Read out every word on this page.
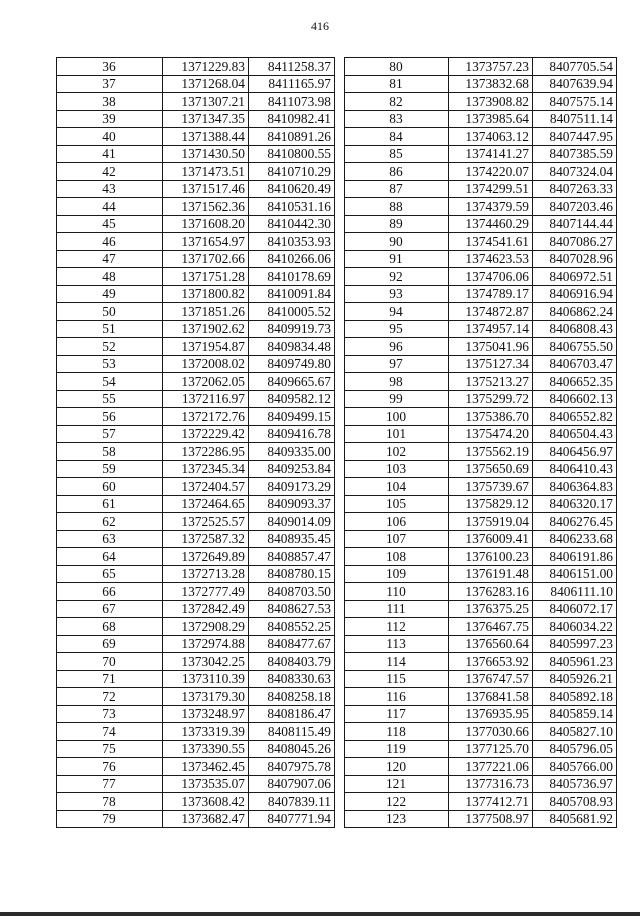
416
36	1371229.83	8411258.37
37	1371268.04	8411165.97
38	1371307.21	8411073.98
39	1371347.35	8410982.41
40	1371388.44	8410891.26
41	1371430.50	8410800.55
42	1371473.51	8410710.29
43	1371517.46	8410620.49
44	1371562.36	8410531.16
45	1371608.20	8410442.30
46	1371654.97	8410353.93
47	1371702.66	8410266.06
48	1371751.28	8410178.69
49	1371800.82	8410091.84
50	1371851.26	8410005.52
51	1371902.62	8409919.73
52	1371954.87	8409834.48
53	1372008.02	8409749.80
54	1372062.05	8409665.67
55	1372116.97	8409582.12
56	1372172.76	8409499.15
57	1372229.42	8409416.78
58	1372286.95	8409335.00
59	1372345.34	8409253.84
60	1372404.57	8409173.29
61	1372464.65	8409093.37
62	1372525.57	8409014.09
63	1372587.32	8408935.45
64	1372649.89	8408857.47
65	1372713.28	8408780.15
66	1372777.49	8408703.50
67	1372842.49	8408627.53
68	1372908.29	8408552.25
69	1372974.88	8408477.67
70	1373042.25	8408403.79
71	1373110.39	8408330.63
72	1373179.30	8408258.18
73	1373248.97	8408186.47
74	1373319.39	8408115.49
75	1373390.55	8408045.26
76	1373462.45	8407975.78
77	1373535.07	8407907.06
78	1373608.42	8407839.11
79	1373682.47	8407771.94
80	1373757.23	8407705.54
81	1373832.68	8407639.94
82	1373908.82	8407575.14
83	1373985.64	8407511.14
84	1374063.12	8407447.95
85	1374141.27	8407385.59
86	1374220.07	8407324.04
87	1374299.51	8407263.33
88	1374379.59	8407203.46
89	1374460.29	8407144.44
90	1374541.61	8407086.27
91	1374623.53	8407028.96
92	1374706.06	8406972.51
93	1374789.17	8406916.94
94	1374872.87	8406862.24
95	1374957.14	8406808.43
96	1375041.96	8406755.50
97	1375127.34	8406703.47
98	1375213.27	8406652.35
99	1375299.72	8406602.13
100	1375386.70	8406552.82
101	1375474.20	8406504.43
102	1375562.19	8406456.97
103	1375650.69	8406410.43
104	1375739.67	8406364.83
105	1375829.12	8406320.17
106	1375919.04	8406276.45
107	1376009.41	8406233.68
108	1376100.23	8406191.86
109	1376191.48	8406151.00
110	1376283.16	8406111.10
111	1376375.25	8406072.17
112	1376467.75	8406034.22
113	1376560.64	8405997.23
114	1376653.92	8405961.23
115	1376747.57	8405926.21
116	1376841.58	8405892.18
117	1376935.95	8405859.14
118	1377030.66	8405827.10
119	1377125.70	8405796.05
120	1377221.06	8405766.00
121	1377316.73	8405736.97
122	1377412.71	8405708.93
123	1377508.97	8405681.92
